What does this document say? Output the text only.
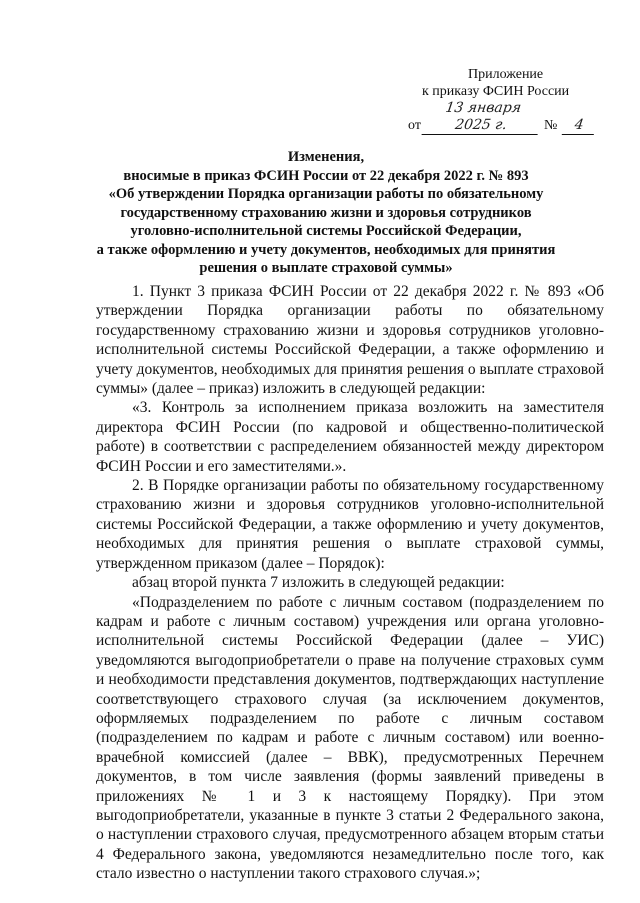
Приложение
к приказу ФСИН России
от 13 января 2025 г.	№ 4
Изменения,
вносимые в приказ ФСИН России от 22 декабря 2022 г. № 893
«Об утверждении Порядка организации работы по обязательному
государственному страхованию жизни и здоровья сотрудников
уголовно-исполнительной системы Российской Федерации,
а также оформлению и учету документов, необходимых для принятия
решения о выплате страховой суммы»

1. Пункт 3 приказа ФСИН России от 22 декабря 2022 г. № 893 «Об утверждении Порядка организации работы по обязательному государственному страхованию жизни и здоровья сотрудников уголовно-исполнительной системы Российской Федерации, а также оформлению и учету документов, необходимых для принятия решения о выплате страховой суммы» (далее – приказ) изложить в следующей редакции:

«3. Контроль за исполнением приказа возложить на заместителя директора ФСИН России (по кадровой и общественно-политической работе) в соответствии с распределением обязанностей между директором ФСИН России и его заместителями.».

2. В Порядке организации работы по обязательному государственному страхованию жизни и здоровья сотрудников уголовно-исполнительной системы Российской Федерации, а также оформлению и учету документов, необходимых для принятия решения о выплате страховой суммы, утвержденном приказом (далее – Порядок):

абзац второй пункта 7 изложить в следующей редакции:

«Подразделением по работе с личным составом (подразделением по кадрам и работе с личным составом) учреждения или органа уголовно-исполнительной системы Российской Федерации (далее – УИС) уведомляются выгодоприобретатели о праве на получение страховых сумм и необходимости представления документов, подтверждающих наступление соответствующего страхового случая (за исключением документов, оформляемых подразделением по работе с личным составом (подразделением по кадрам и работе с личным составом) или военно-врачебной комиссией (далее – ВВК), предусмотренных Перечнем документов, в том числе заявления (формы заявлений приведены в приложениях № 1 и 3 к настоящему Порядку). При этом выгодоприобретатели, указанные в пункте 3 статьи 2 Федерального закона, о наступлении страхового случая, предусмотренного абзацем вторым статьи 4 Федерального закона, уведомляются незамедлительно после того, как стало известно о наступлении такого страхового случая.»;
